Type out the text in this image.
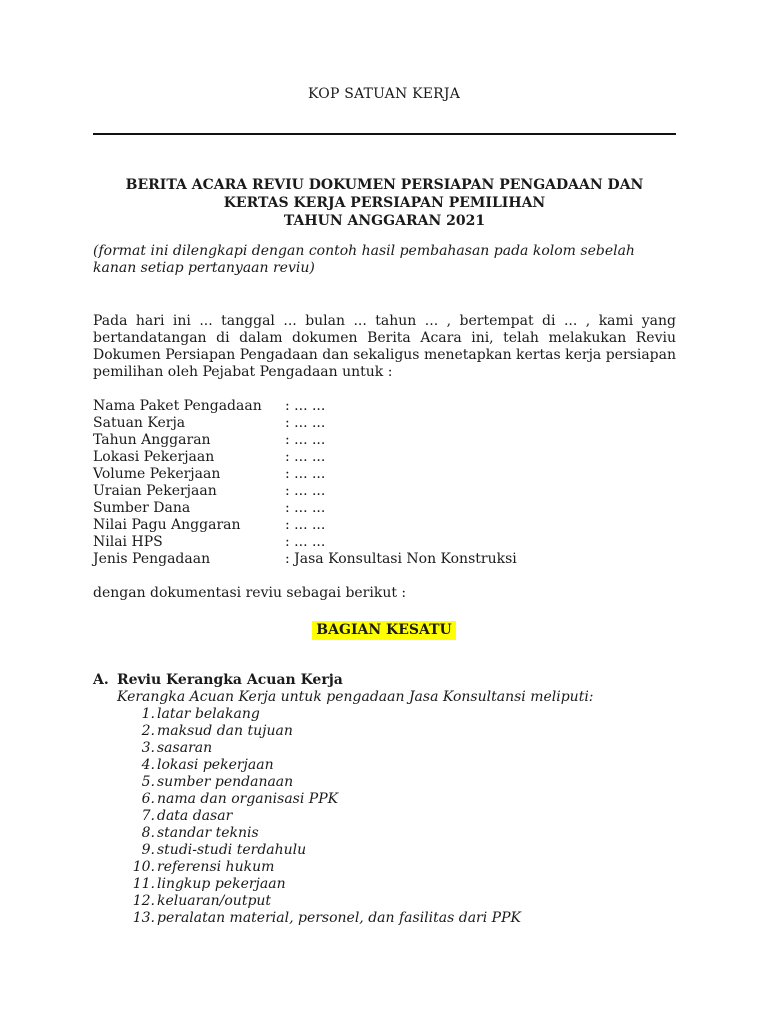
KOP SATUAN KERJA
BERITA ACARA REVIU DOKUMEN PERSIAPAN PENGADAAN DAN
KERTAS KERJA PERSIAPAN PEMILIHAN
TAHUN ANGGARAN 2021
(format ini dilengkapi dengan contoh hasil pembahasan pada kolom sebelah
kanan setiap pertanyaan reviu)
Pada hari ini ... tanggal ... bulan ... tahun ... , bertempat di ... , kami yang bertandatangan di dalam dokumen Berita Acara ini, telah melakukan Reviu Dokumen Persiapan Pengadaan dan sekaligus menetapkan kertas kerja persiapan pemilihan oleh Pejabat Pengadaan untuk :
Nama Paket Pengadaan	: ... ...
Satuan Kerja	: ... ...
Tahun Anggaran	: ... ...
Lokasi Pekerjaan	: ... ...
Volume Pekerjaan	: ... ...
Uraian Pekerjaan	: ... ...
Sumber Dana	: ... ...
Nilai Pagu Anggaran	: ... ...
Nilai HPS	: ... ...
Jenis Pengadaan	: Jasa Konsultasi Non Konstruksi
dengan dokumentasi reviu sebagai berikut :
BAGIAN KESATU
A. Reviu Kerangka Acuan Kerja
Kerangka Acuan Kerja untuk pengadaan Jasa Konsultansi meliputi:
1. latar belakang
2. maksud dan tujuan
3. sasaran
4. lokasi pekerjaan
5. sumber pendanaan
6. nama dan organisasi PPK
7. data dasar
8. standar teknis
9. studi-studi terdahulu
10. referensi hukum
11. lingkup pekerjaan
12. keluaran/output
13. peralatan material, personel, dan fasilitas dari PPK
